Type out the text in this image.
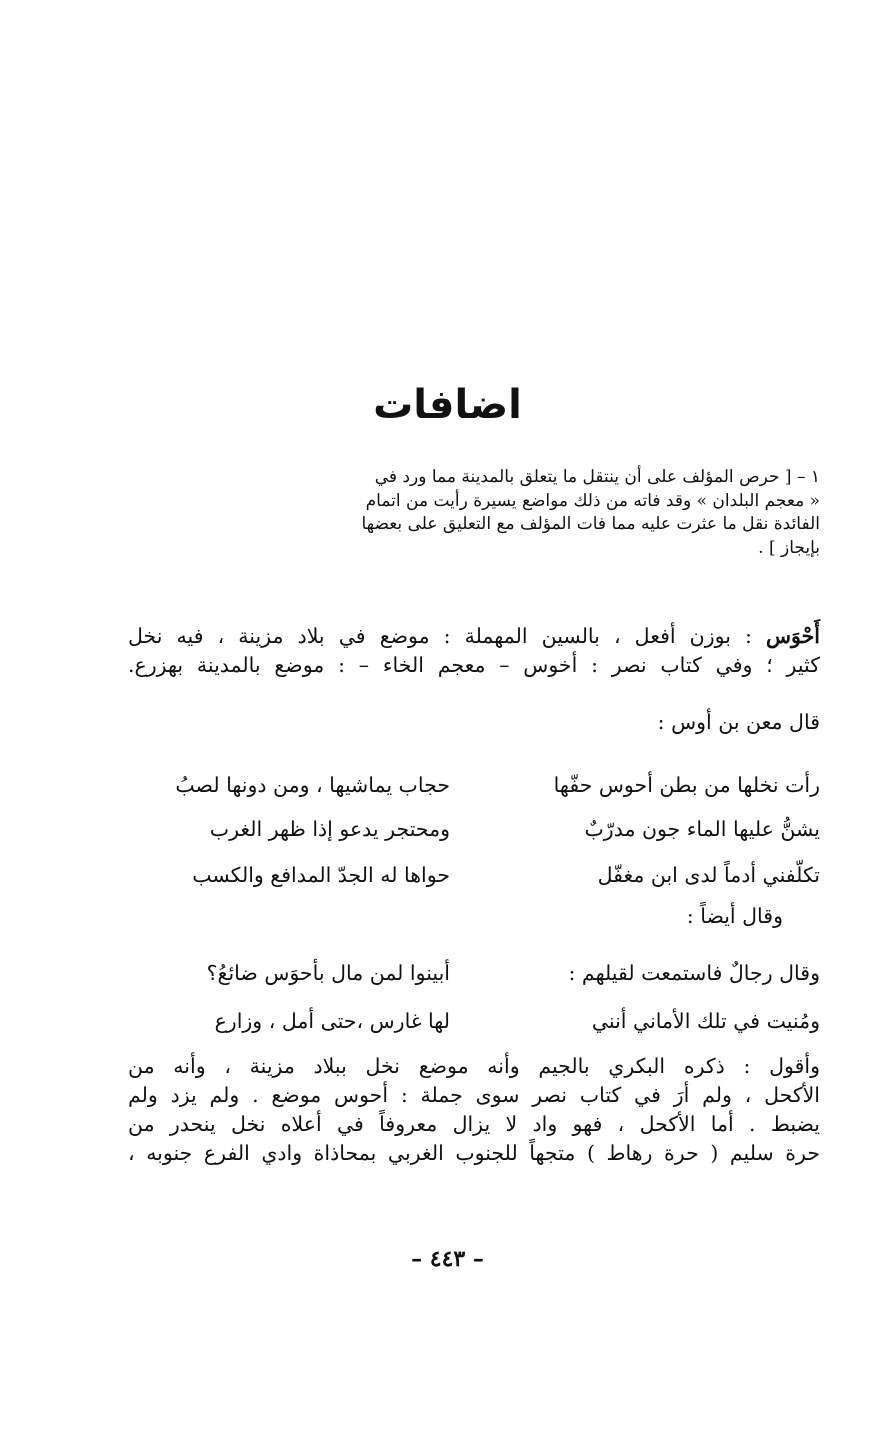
اضافات
١ – [ حرص المؤلف على أن ينتقل ما يتعلق بالمدينة مما ورد في
« معجم البلدان » وقد فاته من ذلك مواضع يسيرة رأيت من اتمام
الفائدة نقل ما عثرت عليه مما فات المؤلف مع التعليق على بعضها
بإيجاز ] .
أَحْوَس : بوزن أفعل ، بالسين المهملة : موضع في بلاد مزينة ، فيه نخل
كثير ؛ وفي كتاب نصر : أخوس – معجم الخاء – : موضع بالمدينة بهزرع.
قال معن بن أوس :
رأت نخلها من بطن أحوس حفّها
حجاب يماشيها ، ومن دونها لصبُ
يشنُّ عليها الماء جون مدرّبٌ
ومحتجر يدعو إذا ظهر الغرب
تكلّفني أدماً لدى ابن مغفّل
حواها له الجدّ المدافع والكسب
وقال أيضاً :
وقال رجالٌ فاستمعت لقيلهم :
أبينوا لمن مال بأحوَس ضائعُ؟
ومُنيت في تلك الأماني أنني
لها غارس ،حتى أمل ، وزارع
وأقول : ذكره البكري بالجيم وأنه موضع نخل ببلاد مزينة ، وأنه من
الأكحل ، ولم أرَ في كتاب نصر سوى جملة : أحوس موضع . ولم يزد ولم
يضبط . أما الأكحل ، فهو واد لا يزال معروفاً في أعلاه نخل ينحدر من
حرة سليم ( حرة رهاط ) متجهاً للجنوب الغربي بمحاذاة وادي الفرع جنوبه ،
– ٤٤٣ –
